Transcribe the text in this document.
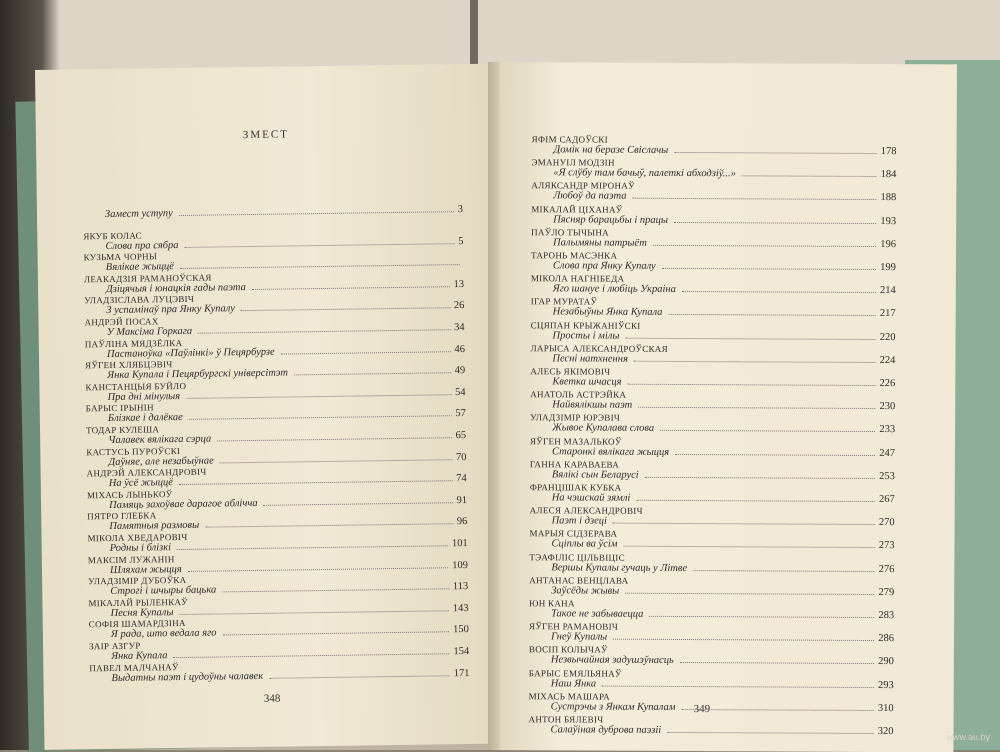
ЗМЕСТ
348
Замест уступу	3
ЯКУБ КОЛАС
Слова пра сябра	5
КУЗЬМА ЧОРНЫ
Вялікае жыццё
ЛЕАКАДЗІЯ РАМАНОЎСКАЯ
Дзіцячыя і юнацкія гады паэта	13
УЛАДЗІСЛАВА ЛУЦЭВІЧ
З успамінаў пра Янку Купалу	26
АНДРЭЙ ПОСАХ
У Максіма Горкага	34
ПАЎЛІНА МЯДЗЁЛКА
Пастаноўка «Паўлінкі» ў Пецярбурзе	46
ЯЎГЕН ХЛЯБЦЭВІЧ
Янка Купала і Пецярбургскі універсітэт	49
КАНСТАНЦЫЯ БУЙЛО
Пра дні мінулыя	54
БАРЫС ІРЫНІН
Блізкае і далёкае	57
ТОДАР КУЛЕША
Чалавек вялікага сэрца	65
КАСТУСЬ ПУРОЎСКІ
Даўняе, але незабыўнае	70
АНДРЭЙ АЛЕКСАНДРОВІЧ
На ўсё жыццё	74
МІХАСЬ ЛЫНЬКОЎ
Памяць захоўвае дарагое аблічча	91
ПЯТРО ГЛЕБКА
Памятныя размовы	96
МІКОЛА ХВЕДАРОВІЧ
Родны і блізкі	101
МАКСІМ ЛУЖАНІН
Шляхам жыцця	109
УЛАДЗІМІР ДУБОЎКА
Строгі і шчыры бацька	113
МІКАЛАЙ РЫЛЕНКАЎ
Песня Купалы	143
СОФІЯ ШАМАРДЗІНА
Я рада, што ведала яго	150
ЗАІР АЗГУР
Янка Купала	154
ПАВЕЛ МАЛЧАНАЎ
Выдатны паэт і цудоўны чалавек	171
349
ЯФІМ САДОЎСКІ
Домік на беразе Свіслачы	178
ЭМАНУІЛ МОДЗІН
«Я слўбу там бачыў, палеткі абходзіў...»	184
АЛЯКСАНДР МІРОНАЎ
Любоў да паэта	188
МІКАЛАЙ ЦІХАНАЎ
Пясняр барацьбы і працы	193
ПАЎЛО ТЫЧЫНА
Палымяны патрыёт	196
ТАРОНЬ МАСЭНКА
Слова пра Янку Купалу	199
МІКОЛА НАГНІБЕДА
Яго шануе і любіць Украіна	214
ІГАР МУРАТАЎ
Незабыўны Янка Купала	217
СЦЯПАН КРЫЖАНІЎСКІ
Просты і мілы	220
ЛАРЫСА АЛЕКСАНДРОЎСКАЯ
Песні натхнення	224
АЛЕСЬ ЯКІМОВІЧ
Кветка шчасця	226
АНАТОЛЬ АСТРЭЙКА
Найвялікшы паэт	230
УЛАДЗІМІР ЮРЭВІЧ
Жывое Купалава слова	233
ЯЎГЕН МАЗАЛЬКОЎ
Старонкі вялікага жыцця	247
ГАННА КАРАВАЕВА
Вялікі сын Беларусі	253
ФРАНЦІШАК КУБКА
На чэшскай зямлі	267
АЛЕСЯ АЛЕКСАНДРОВІЧ
Паэт і дзеці	270
МАРЫЯ СІДЗЕРАВА
Сціплы ва ўсім	273
ТЭАФІЛІС ЦІЛЬВІЦІС
Вершы Купалы гучаць у Літве	276
АНТАНАС ВЕНЦЛАВА
Заўсёды жывы	279
ЮН КАНА
Такое не забываецца	283
ЯЎГЕН РАМАНОВІЧ
Гнеў Купалы	286
ВОСІП КОЛЫЧАЎ
Незвычайная задушэўнасць	290
БАРЫС ЕМЯЛЬЯНАЎ
Наш Янка	293
МІХАСЬ МАШАРА
Сустрэчы з Янкам Купалам	310
АНТОН БЯЛЕВІЧ
Салаўіная дуброва паэзіі	320	www.au.by
